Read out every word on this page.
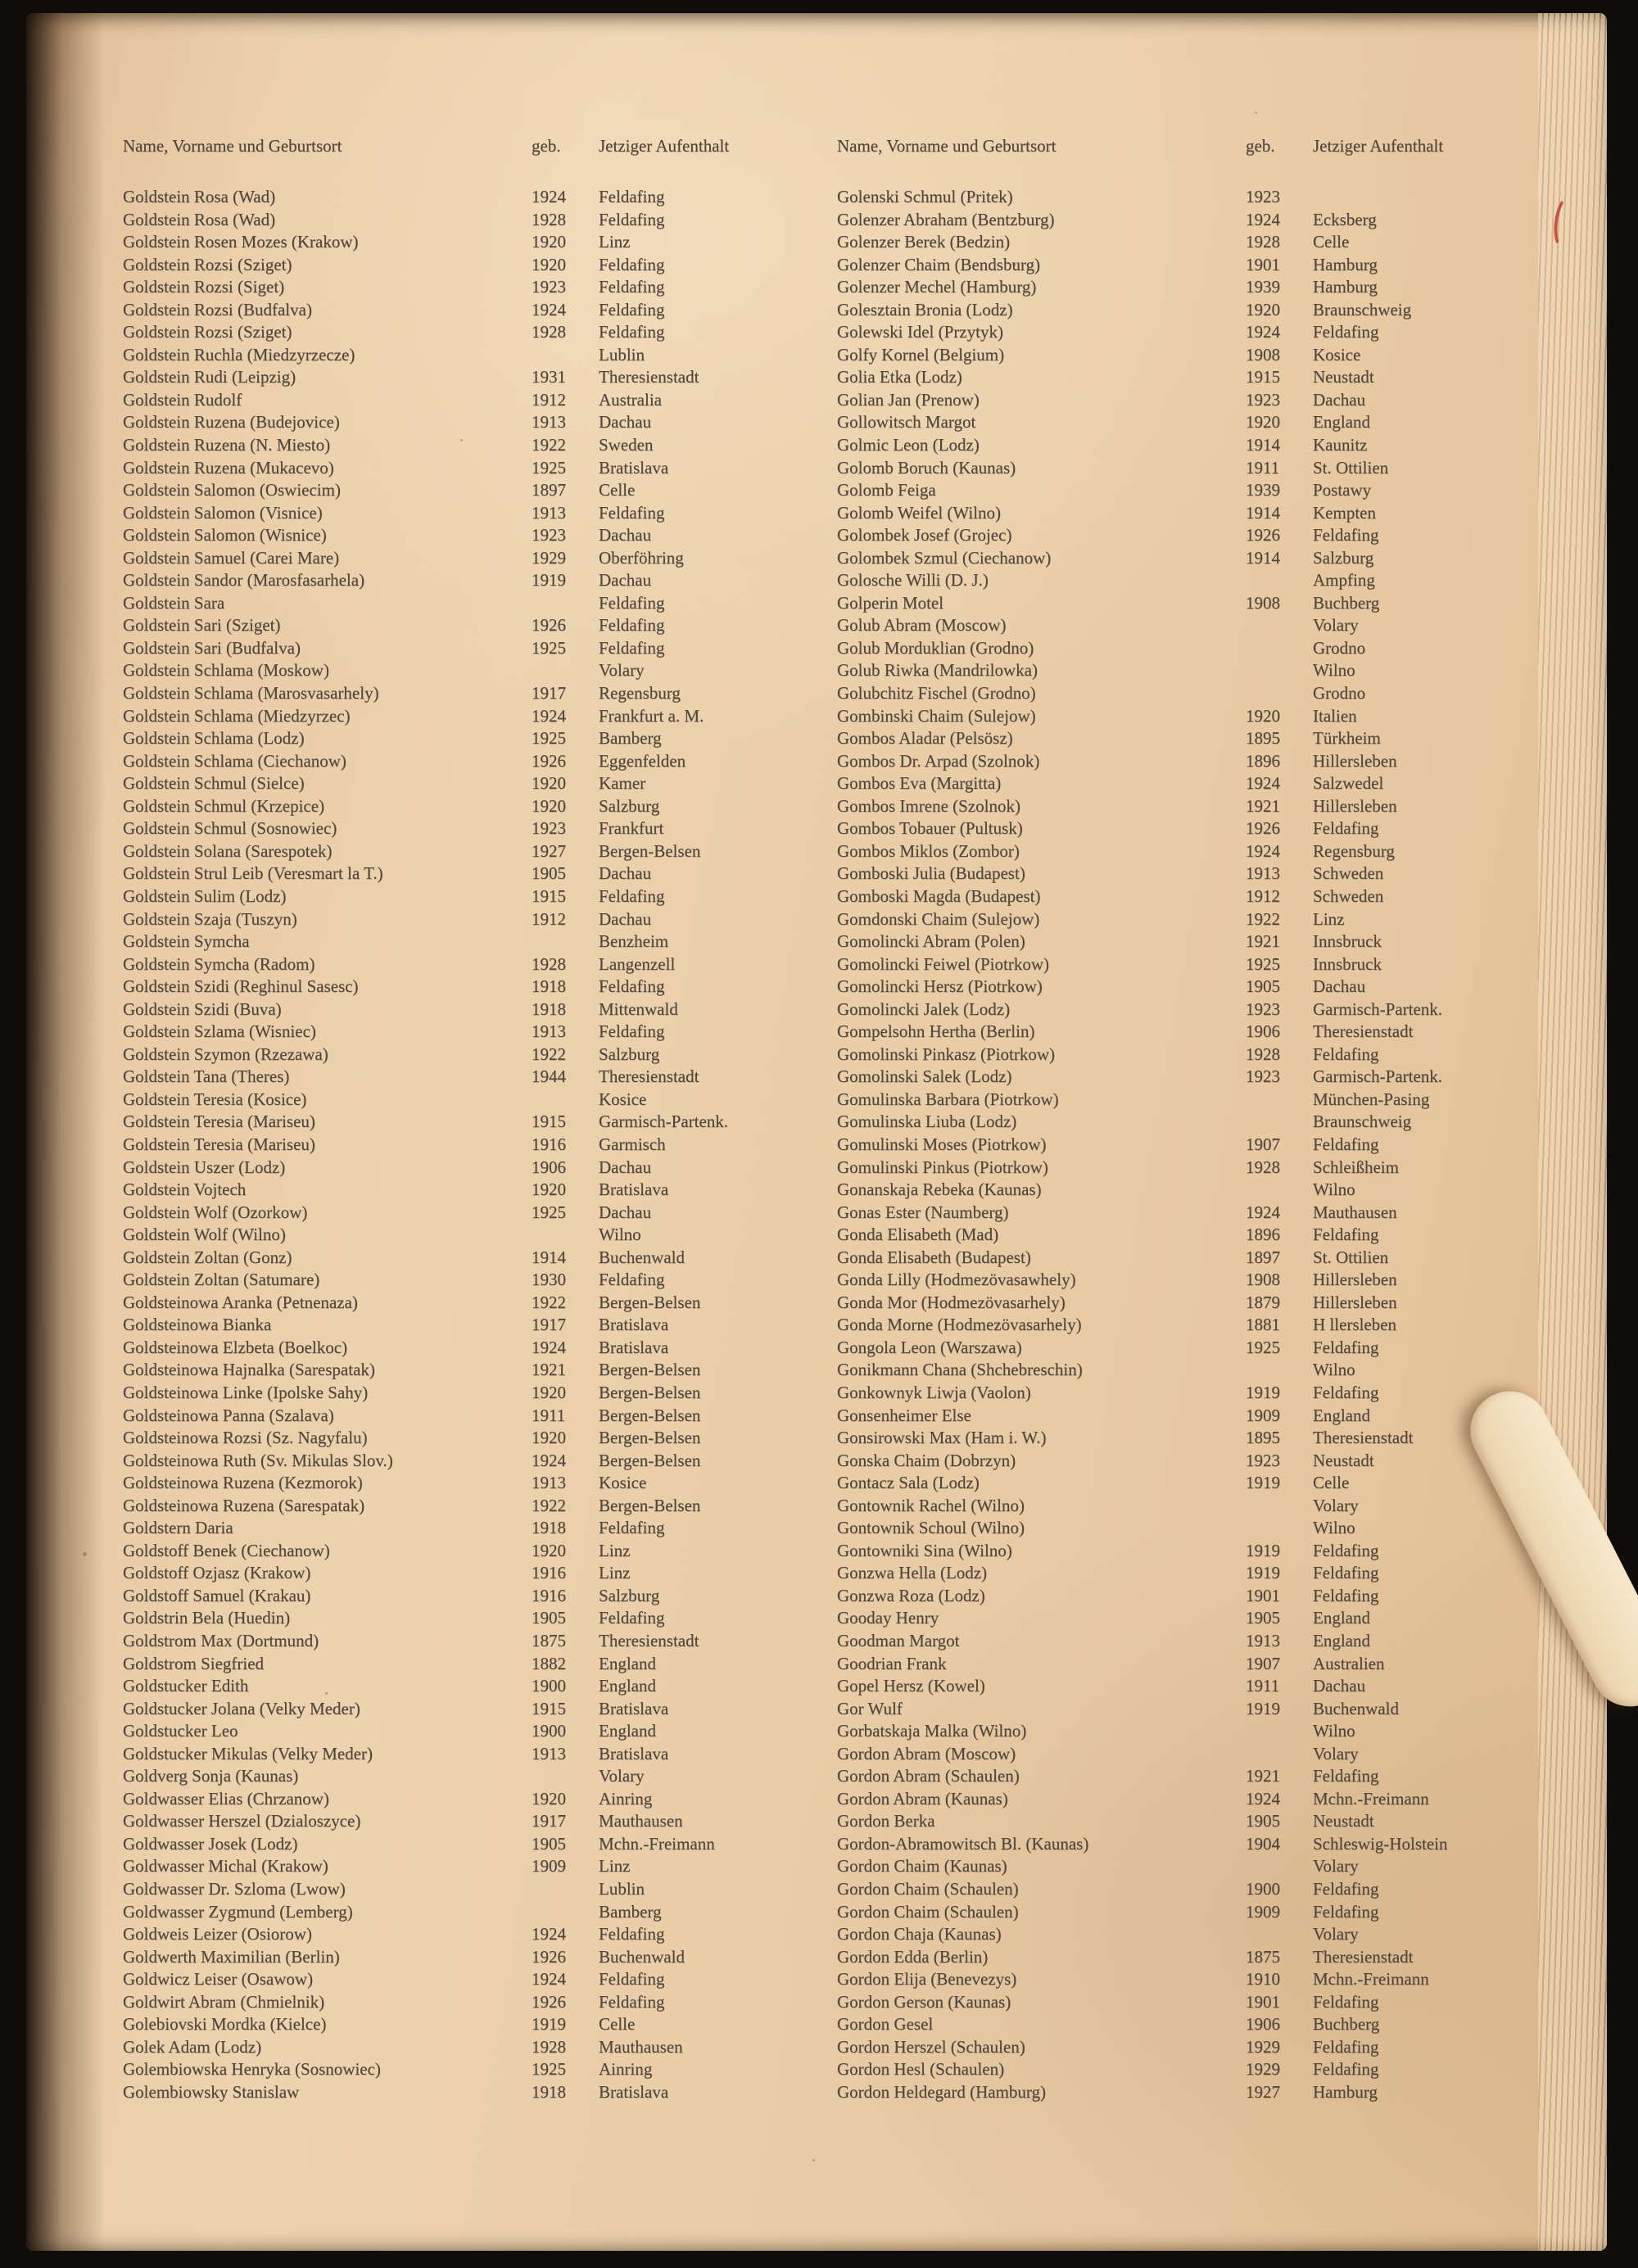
Name, Vorname und Geburtsort	geb. Jetziger Aufenthalt	Name, Vorname und Geburtsort	geb. Jetziger Aufenthalt
Goldstein Rosa (Wad)	1924 Feldafing
Goldstein Rosa (Wad)	1928 Feldafing
Goldstein Rosen Mozes (Krakow)	1920 Linz
Goldstein Rozsi (Sziget)	1920 Feldafing
Goldstein Rozsi (Siget)	1923 Feldafing
Goldstein Rozsi (Budfalva)	1924 Feldafing
Goldstein Rozsi (Sziget)	1928 Feldafing
Goldstein Ruchla (Miedzyrzecze)	Lublin
Goldstein Rudi (Leipzig)	1931 Theresienstadt
Goldstein Rudolf	1912 Australia
Goldstein Ruzena (Budejovice)	1913 Dachau
Goldstein Ruzena (N. Miesto)	1922 Sweden
Goldstein Ruzena (Mukacevo)	1925 Bratislava
Goldstein Salomon (Oswiecim)	1897 Celle
Goldstein Salomon (Visnice)	1913 Feldafing
Goldstein Salomon (Wisnice)	1923 Dachau
Goldstein Samuel (Carei Mare)	1929 Oberföhring
Goldstein Sandor (Marosfasarhela)	1919 Dachau
Goldstein Sara	Feldafing
Goldstein Sari (Sziget)	1926 Feldafing
Goldstein Sari (Budfalva)	1925 Feldafing
Goldstein Schlama (Moskow)	Volary
Goldstein Schlama (Marosvasarhely)	1917 Regensburg
Goldstein Schlama (Miedzyrzec)	1924 Frankfurt a. M.
Goldstein Schlama (Lodz)	1925 Bamberg
Goldstein Schlama (Ciechanow)	1926 Eggenfelden
Goldstein Schmul (Sielce)	1920 Kamer
Goldstein Schmul (Krzepice)	1920 Salzburg
Goldstein Schmul (Sosnowiec)	1923 Frankfurt
Goldstein Solana (Sarespotek)	1927 Bergen-Belsen
Goldstein Strul Leib (Veresmart la T.)	1905 Dachau
Goldstein Sulim (Lodz)	1915 Feldafing
Goldstein Szaja (Tuszyn)	1912 Dachau
Goldstein Symcha	Benzheim
Goldstein Symcha (Radom)	1928 Langenzell
Goldstein Szidi (Reghinul Sasesc)	1918 Feldafing
Goldstein Szidi (Buva)	1918 Mittenwald
Goldstein Szlama (Wisniec)	1913 Feldafing
Goldstein Szymon (Rzezawa)	1922 Salzburg
Goldstein Tana (Theres)	1944 Theresienstadt
Goldstein Teresia (Kosice)	Kosice
Goldstein Teresia (Mariseu)	1915 Garmisch-Partenk.
Goldstein Teresia (Mariseu)	1916 Garmisch
Goldstein Uszer (Lodz)	1906 Dachau
Goldstein Vojtech	1920 Bratislava
Goldstein Wolf (Ozorkow)	1925 Dachau
Goldstein Wolf (Wilno)	Wilno
Goldstein Zoltan (Gonz)	1914 Buchenwald
Goldstein Zoltan (Satumare)	1930 Feldafing
Goldsteinowa Aranka (Petnenaza)	1922 Bergen-Belsen
Goldsteinowa Bianka	1917 Bratislava
Goldsteinowa Elzbeta (Boelkoc)	1924 Bratislava
Goldsteinowa Hajnalka (Sarespatak)	1921 Bergen-Belsen
Goldsteinowa Linke (Ipolske Sahy)	1920 Bergen-Belsen
Goldsteinowa Panna (Szalava)	1911 Bergen-Belsen
Goldsteinowa Rozsi (Sz. Nagyfalu)	1920 Bergen-Belsen
Goldsteinowa Ruth (Sv. Mikulas Slov.)	1924 Bergen-Belsen
Goldsteinowa Ruzena (Kezmorok)	1913 Kosice
Goldsteinowa Ruzena (Sarespatak)	1922 Bergen-Belsen
Goldstern Daria	1918 Feldafing
Goldstoff Benek (Ciechanow)	1920 Linz
Goldstoff Ozjasz (Krakow)	1916 Linz
Goldstoff Samuel (Krakau)	1916 Salzburg
Goldstrin Bela (Huedin)	1905 Feldafing
Goldstrom Max (Dortmund)	1875 Theresienstadt
Goldstrom Siegfried	1882 England
Goldstucker Edith	1900 England
Goldstucker Jolana (Velky Meder)	1915 Bratislava
Goldstucker Leo	1900 England
Goldstucker Mikulas (Velky Meder)	1913 Bratislava
Goldverg Sonja (Kaunas)	Volary
Goldwasser Elias (Chrzanow)	1920 Ainring
Goldwasser Herszel (Dzialoszyce)	1917 Mauthausen
Goldwasser Josek (Lodz)	1905 Mchn.-Freimann
Goldwasser Michal (Krakow)	1909 Linz
Goldwasser Dr. Szloma (Lwow)	Lublin
Goldwasser Zygmund (Lemberg)	Bamberg
Goldweis Leizer (Osiorow)	1924 Feldafing
Goldwerth Maximilian (Berlin)	1926 Buchenwald
Goldwicz Leiser (Osawow)	1924 Feldafing
Goldwirt Abram (Chmielnik)	1926 Feldafing
Golebiovski Mordka (Kielce)	1919 Celle
Golek Adam (Lodz)	1928 Mauthausen
Golembiowska Henryka (Sosnowiec)	1925 Ainring
Golembiowsky Stanislaw	1918 Bratislava
Golenski Schmul (Pritek)	1923
Golenzer Abraham (Bentzburg)	1924 Ecksberg
Golenzer Berek (Bedzin)	1928 Celle
Golenzer Chaim (Bendsburg)	1901 Hamburg
Golenzer Mechel (Hamburg)	1939 Hamburg
Golesztain Bronia (Lodz)	1920 Braunschweig
Golewski Idel (Przytyk)	1924 Feldafing
Golfy Kornel (Belgium)	1908 Kosice
Golia Etka (Lodz)	1915 Neustadt
Golian Jan (Prenow)	1923 Dachau
Gollowitsch Margot	1920 England
Golmic Leon (Lodz)	1914 Kaunitz
Golomb Boruch (Kaunas)	1911 St. Ottilien
Golomb Feiga	1939 Postawy
Golomb Weifel (Wilno)	1914 Kempten
Golombek Josef (Grojec)	1926 Feldafing
Golombek Szmul (Ciechanow)	1914 Salzburg
Golosche Willi (D. J.)	Ampfing
Golperin Motel	1908 Buchberg
Golub Abram (Moscow)	Volary
Golub Morduklian (Grodno)	Grodno
Golub Riwka (Mandrilowka)	Wilno
Golubchitz Fischel (Grodno)	Grodno
Gombinski Chaim (Sulejow)	1920 Italien
Gombos Aladar (Pelsösz)	1895 Türkheim
Gombos Dr. Arpad (Szolnok)	1896 Hillersleben
Gombos Eva (Margitta)	1924 Salzwedel
Gombos Imrene (Szolnok)	1921 Hillersleben
Gombos Tobauer (Pultusk)	1926 Feldafing
Gombos Miklos (Zombor)	1924 Regensburg
Gomboski Julia (Budapest)	1913 Schweden
Gomboski Magda (Budapest)	1912 Schweden
Gomdonski Chaim (Sulejow)	1922 Linz
Gomolincki Abram (Polen)	1921 Innsbruck
Gomolincki Feiwel (Piotrkow)	1925 Innsbruck
Gomolincki Hersz (Piotrkow)	1905 Dachau
Gomolincki Jalek (Lodz)	1923 Garmisch-Partenk.
Gompelsohn Hertha (Berlin)	1906 Theresienstadt
Gomolinski Pinkasz (Piotrkow)	1928 Feldafing
Gomolinski Salek (Lodz)	1923 Garmisch-Partenk.
Gomulinska Barbara (Piotrkow)	München-Pasing
Gomulinska Liuba (Lodz)	Braunschweig
Gomulinski Moses (Piotrkow)	1907 Feldafing
Gomulinski Pinkus (Piotrkow)	1928 Schleißheim
Gonanskaja Rebeka (Kaunas)	Wilno
Gonas Ester (Naumberg)	1924 Mauthausen
Gonda Elisabeth (Mad)	1896 Feldafing
Gonda Elisabeth (Budapest)	1897 St. Ottilien
Gonda Lilly (Hodmezövasawhely)	1908 Hillersleben
Gonda Mor (Hodmezövasarhely)	1879 Hillersleben
Gonda Morne (Hodmezövasarhely)	1881 H llersleben
Gongola Leon (Warszawa)	1925 Feldafing
Gonikmann Chana (Shchebreschin)	Wilno
Gonkownyk Liwja (Vaolon)	1919 Feldafing
Gonsenheimer Else	1909 England
Gonsirowski Max (Ham i. W.)	1895 Theresienstadt
Gonska Chaim (Dobrzyn)	1923 Neustadt
Gontacz Sala (Lodz)	1919 Celle
Gontownik Rachel (Wilno)	Volary
Gontownik Schoul (Wilno)	Wilno
Gontowniki Sina (Wilno)	1919 Feldafing
Gonzwa Hella (Lodz)	1919 Feldafing
Gonzwa Roza (Lodz)	1901 Feldafing
Gooday Henry	1905 England
Goodman Margot	1913 England
Goodrian Frank	1907 Australien
Gopel Hersz (Kowel)	1911 Dachau
Gor Wulf	1919 Buchenwald
Gorbatskaja Malka (Wilno)	Wilno
Gordon Abram (Moscow)	Volary
Gordon Abram (Schaulen)	1921 Feldafing
Gordon Abram (Kaunas)	1924 Mchn.-Freimann
Gordon Berka	1905 Neustadt
Gordon-Abramowitsch Bl. (Kaunas)	1904 Schleswig-Holstein
Gordon Chaim (Kaunas)	Volary
Gordon Chaim (Schaulen)	1900 Feldafing
Gordon Chaim (Schaulen)	1909 Feldafing
Gordon Chaja (Kaunas)	Volary
Gordon Edda (Berlin)	1875 Theresienstadt
Gordon Elija (Benevezys)	1910 Mchn.-Freimann
Gordon Gerson (Kaunas)	1901 Feldafing
Gordon Gesel	1906 Buchberg
Gordon Herszel (Schaulen)	1929 Feldafing
Gordon Hesl (Schaulen)	1929 Feldafing
Gordon Heldegard (Hamburg)	1927 Hamburg
